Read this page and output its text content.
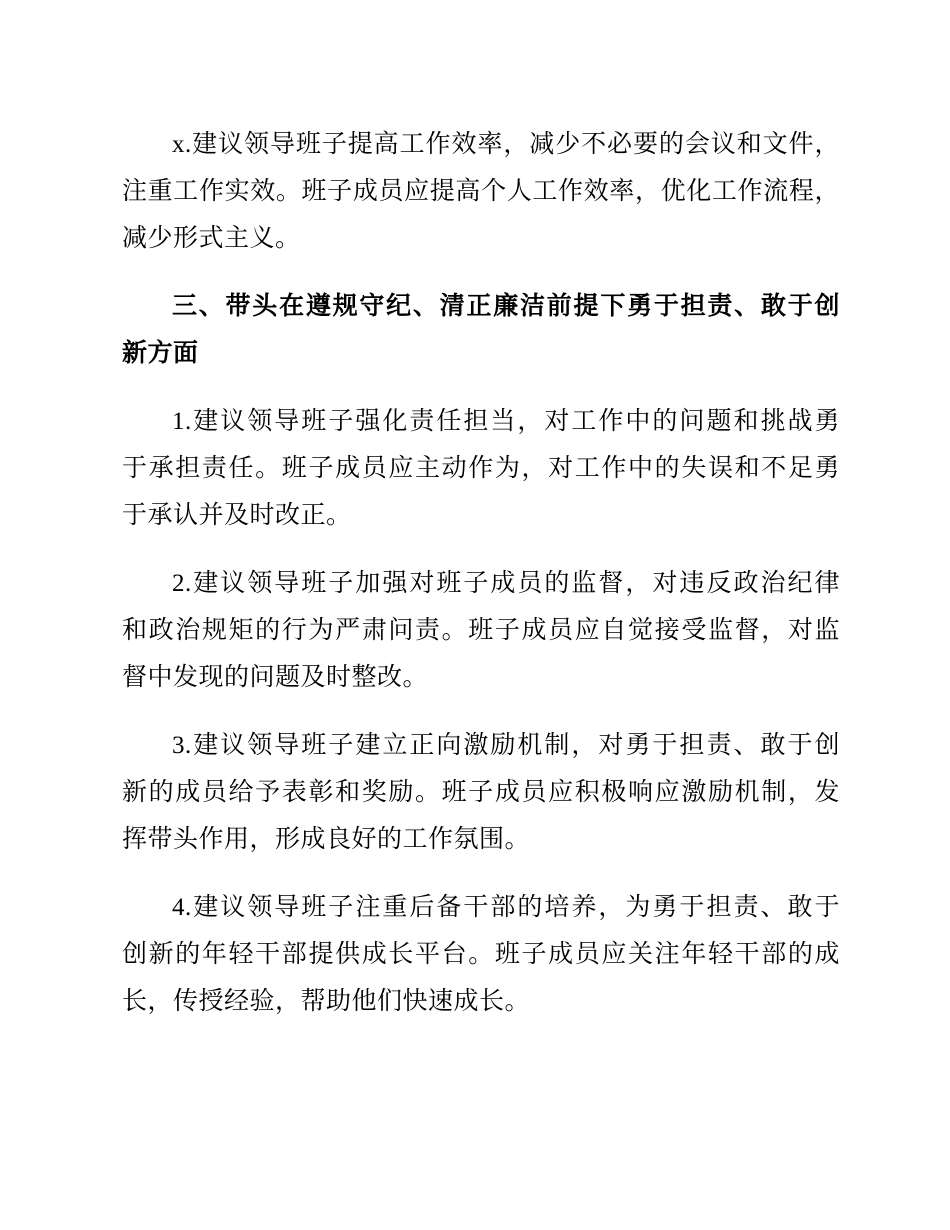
x.建议领导班子提高工作效率，减少不必要的会议和文件，
注重工作实效。班子成员应提高个人工作效率，优化工作流程，
减少形式主义。
三、带头在遵规守纪、清正廉洁前提下勇于担责、敢于创
新方面
1.建议领导班子强化责任担当，对工作中的问题和挑战勇
于承担责任。班子成员应主动作为，对工作中的失误和不足勇
于承认并及时改正。
2.建议领导班子加强对班子成员的监督，对违反政治纪律
和政治规矩的行为严肃问责。班子成员应自觉接受监督，对监
督中发现的问题及时整改。
3.建议领导班子建立正向激励机制，对勇于担责、敢于创
新的成员给予表彰和奖励。班子成员应积极响应激励机制，发
挥带头作用，形成良好的工作氛围。
4.建议领导班子注重后备干部的培养，为勇于担责、敢于
创新的年轻干部提供成长平台。班子成员应关注年轻干部的成
长，传授经验，帮助他们快速成长。
